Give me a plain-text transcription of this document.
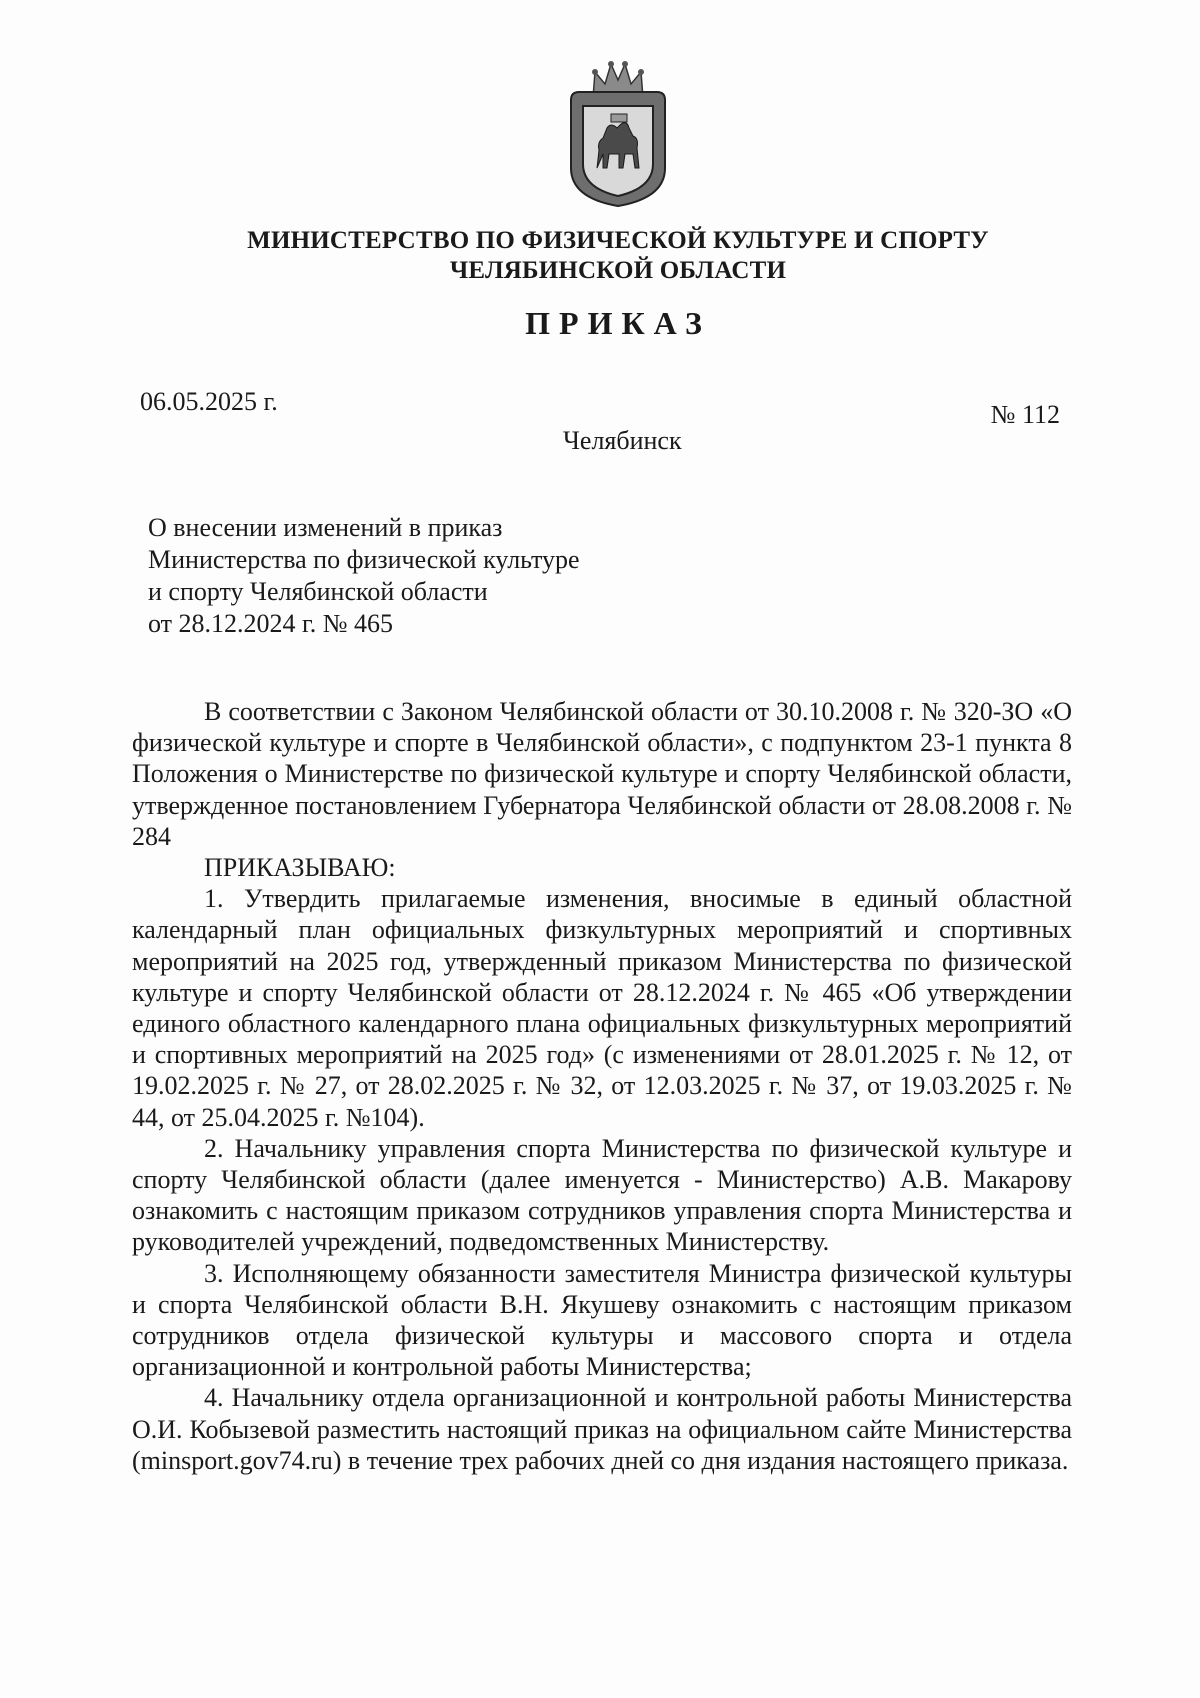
МИНИСТЕРСТВО ПО ФИЗИЧЕСКОЙ КУЛЬТУРЕ И СПОРТУ
ЧЕЛЯБИНСКОЙ ОБЛАСТИ
ПРИКАЗ
06.05.2025 г.	№ 112
Челябинск
О внесении изменений в приказ
Министерства по физической культуре
и спорту Челябинской области
от 28.12.2024 г. № 465

В соответствии с Законом Челябинской области от 30.10.2008 г. № 320-ЗО «О физической культуре и спорте в Челябинской области», с подпунктом 23-1 пункта 8 Положения о Министерстве по физической культуре и спорту Челябинской области, утвержденное постановлением Губернатора Челябинской области от 28.08.2008 г. № 284

ПРИКАЗЫВАЮ:

1. Утвердить прилагаемые изменения, вносимые в единый областной календарный план официальных физкультурных мероприятий и спортивных мероприятий на 2025 год, утвержденный приказом Министерства по физической культуре и спорту Челябинской области от 28.12.2024 г. № 465 «Об утверждении единого областного календарного плана официальных физкультурных мероприятий и спортивных мероприятий на 2025 год» (с изменениями от 28.01.2025 г. № 12, от 19.02.2025 г. № 27, от 28.02.2025 г. № 32, от 12.03.2025 г. № 37, от 19.03.2025 г. № 44, от 25.04.2025 г. №104).

2. Начальнику управления спорта Министерства по физической культуре и спорту Челябинской области (далее именуется - Министерство) А.В. Макарову ознакомить с настоящим приказом сотрудников управления спорта Министерства и руководителей учреждений, подведомственных Министерству.

3. Исполняющему обязанности заместителя Министра физической культуры и спорта Челябинской области В.Н. Якушеву ознакомить с настоящим приказом сотрудников отдела физической культуры и массового спорта и отдела организационной и контрольной работы Министерства;

4. Начальнику отдела организационной и контрольной работы Министерства О.И. Кобызевой разместить настоящий приказ на официальном сайте Министерства (minsport.gov74.ru) в течение трех рабочих дней со дня издания настоящего приказа.
